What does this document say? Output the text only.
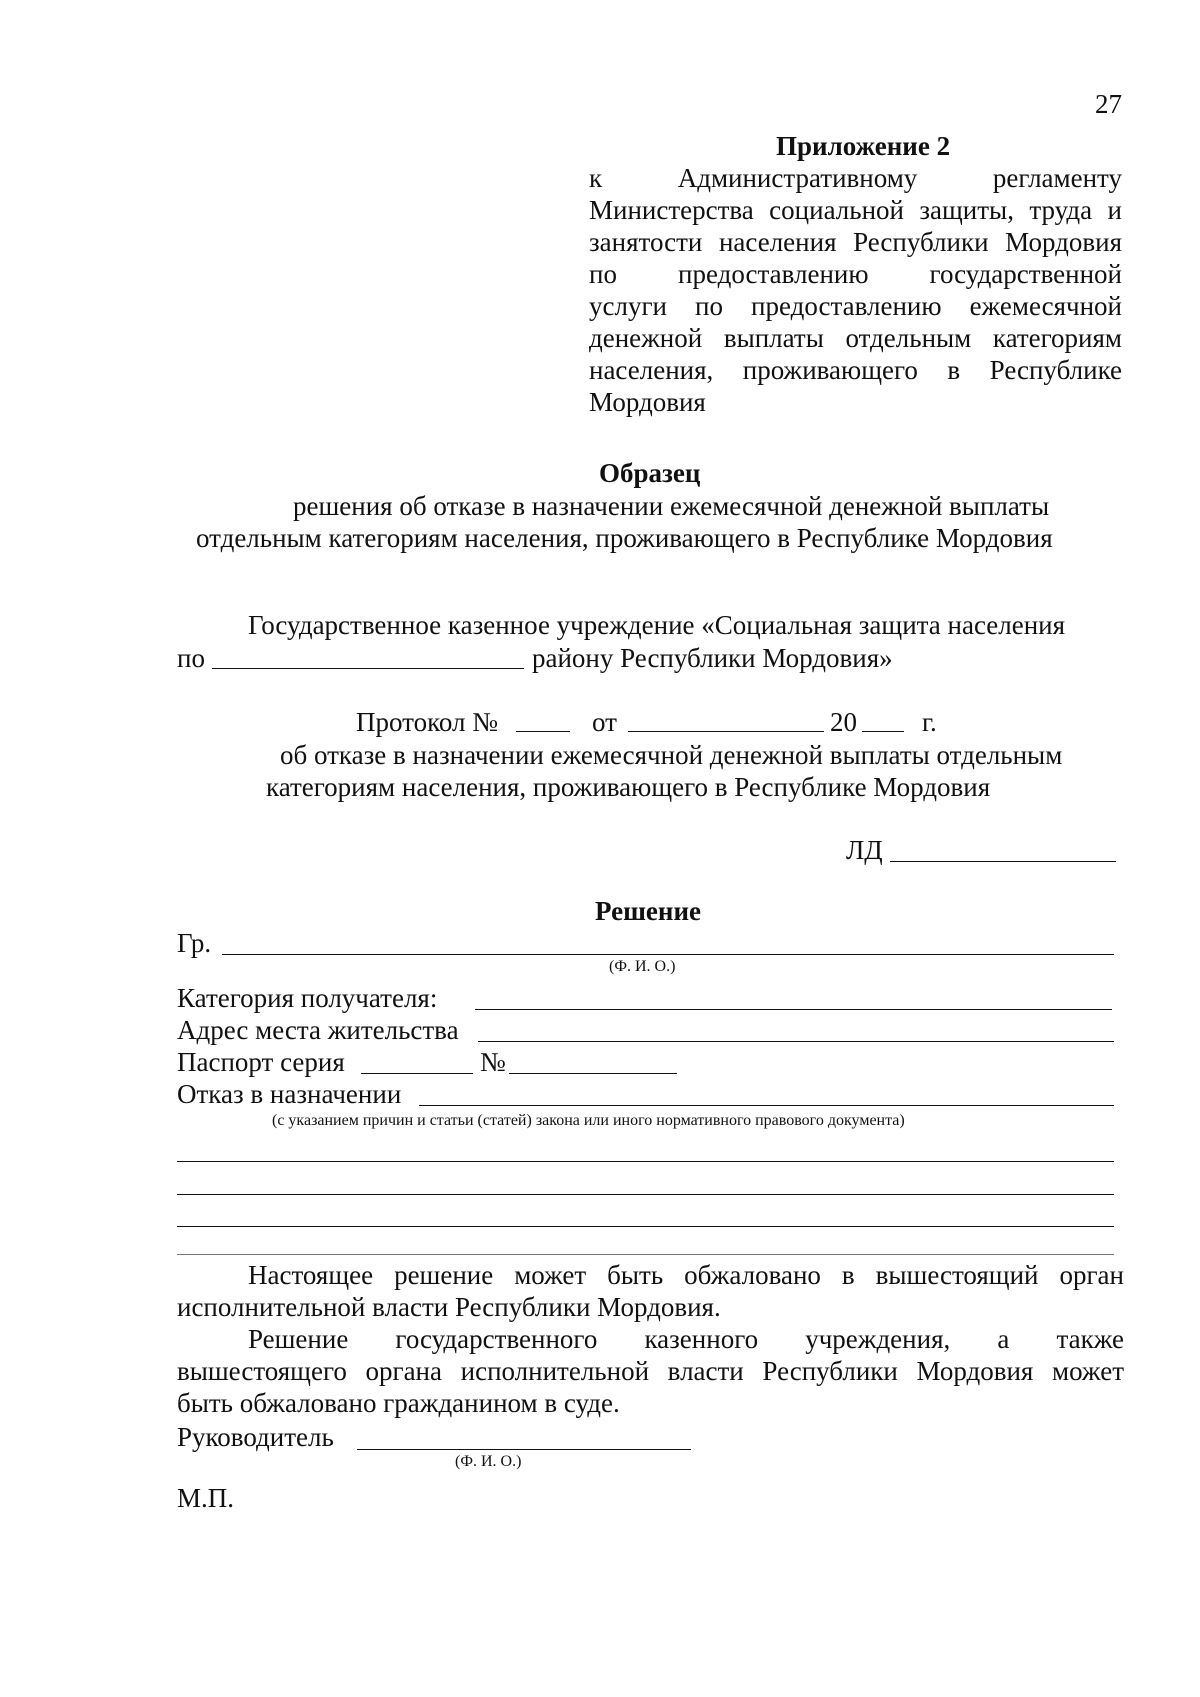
27
Приложение 2
к Административному регламенту
Министерства социальной защиты, труда и
занятости населения Республики Мордовия
по предоставлению государственной
услуги по предоставлению ежемесячной
денежной выплаты отдельным категориям
населения, проживающего в Республике
Мордовия
Образец
решения об отказе в назначении ежемесячной денежной выплаты
отдельным категориям населения, проживающего в Республике Мордовия
Государственное казенное учреждение «Социальная защита населения
по	району Республики Мордовия»
Протокол №	от	20 г.
об отказе в назначении ежемесячной денежной выплаты отдельным
категориям населения, проживающего в Республике Мордовия
ЛД
Решение
Гр.
(Ф. И. О.)
Категория получателя:
Адрес места жительства
Паспорт серия	№
Отказ в назначении
(с указанием причин и статьи (статей) закона или иного нормативного правового документа)
Настоящее решение может быть обжаловано в вышестоящий орган
исполнительной власти Республики Мордовия.
Решение государственного казенного учреждения, а также
вышестоящего органа исполнительной власти Республики Мордовия может
быть обжаловано гражданином в суде.
Руководитель
(Ф. И. О.)
М.П.
